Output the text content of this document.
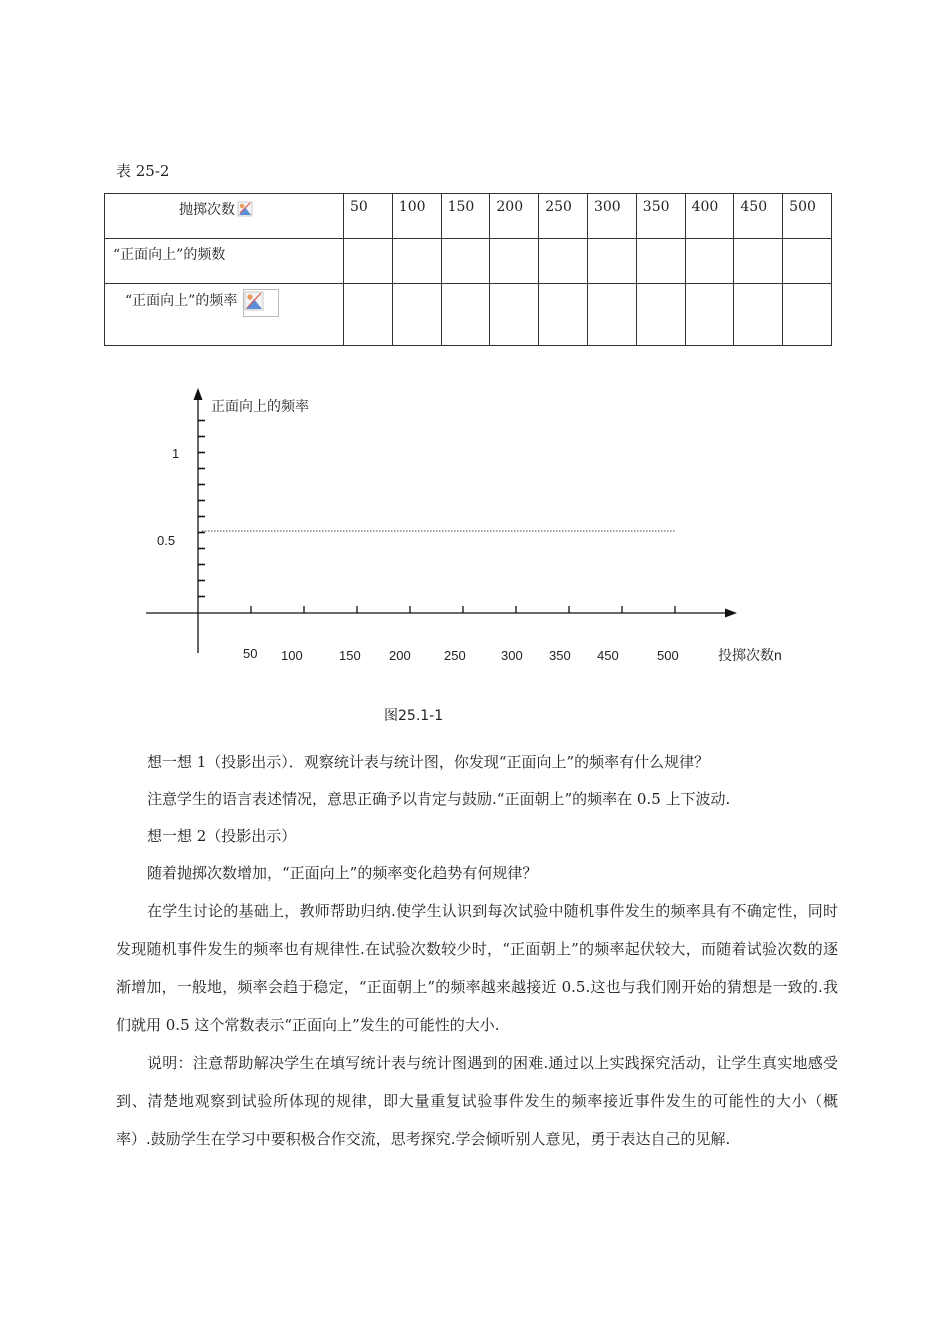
表 25-2
抛掷次数	50	100	150	200	250	300	350	400	450	500
“正面向上”的频数										
“正面向上”的频率										
正面向上的频率
1
0.5
50 100	150 200	250	300 350 450	500	投掷次数n
图25.1-1

想一想 1（投影出示）．观察统计表与统计图，你发现“正面向上”的频率有什么规律？

注意学生的语言表述情况，意思正确予以肯定与鼓励.“正面朝上”的频率在 0.5 上下波动.

想一想 2（投影出示）

随着抛掷次数增加，“正面向上”的频率变化趋势有何规律？

在学生讨论的基础上，教师帮助归纳.使学生认识到每次试验中随机事件发生的频率具有不确定性，同时发现随机事件发生的频率也有规律性.在试验次数较少时，“正面朝上”的频率起伏较大，而随着试验次数的逐渐增加，一般地，频率会趋于稳定，“正面朝上”的频率越来越接近 0.5.这也与我们刚开始的猜想是一致的.我们就用 0.5 这个常数表示“正面向上”发生的可能性的大小.

说明：注意帮助解决学生在填写统计表与统计图遇到的困难.通过以上实践探究活动，让学生真实地感受到、清楚地观察到试验所体现的规律，即大量重复试验事件发生的频率接近事件发生的可能性的大小（概率）.鼓励学生在学习中要积极合作交流，思考探究.学会倾听别人意见，勇于表达自己的见解.
